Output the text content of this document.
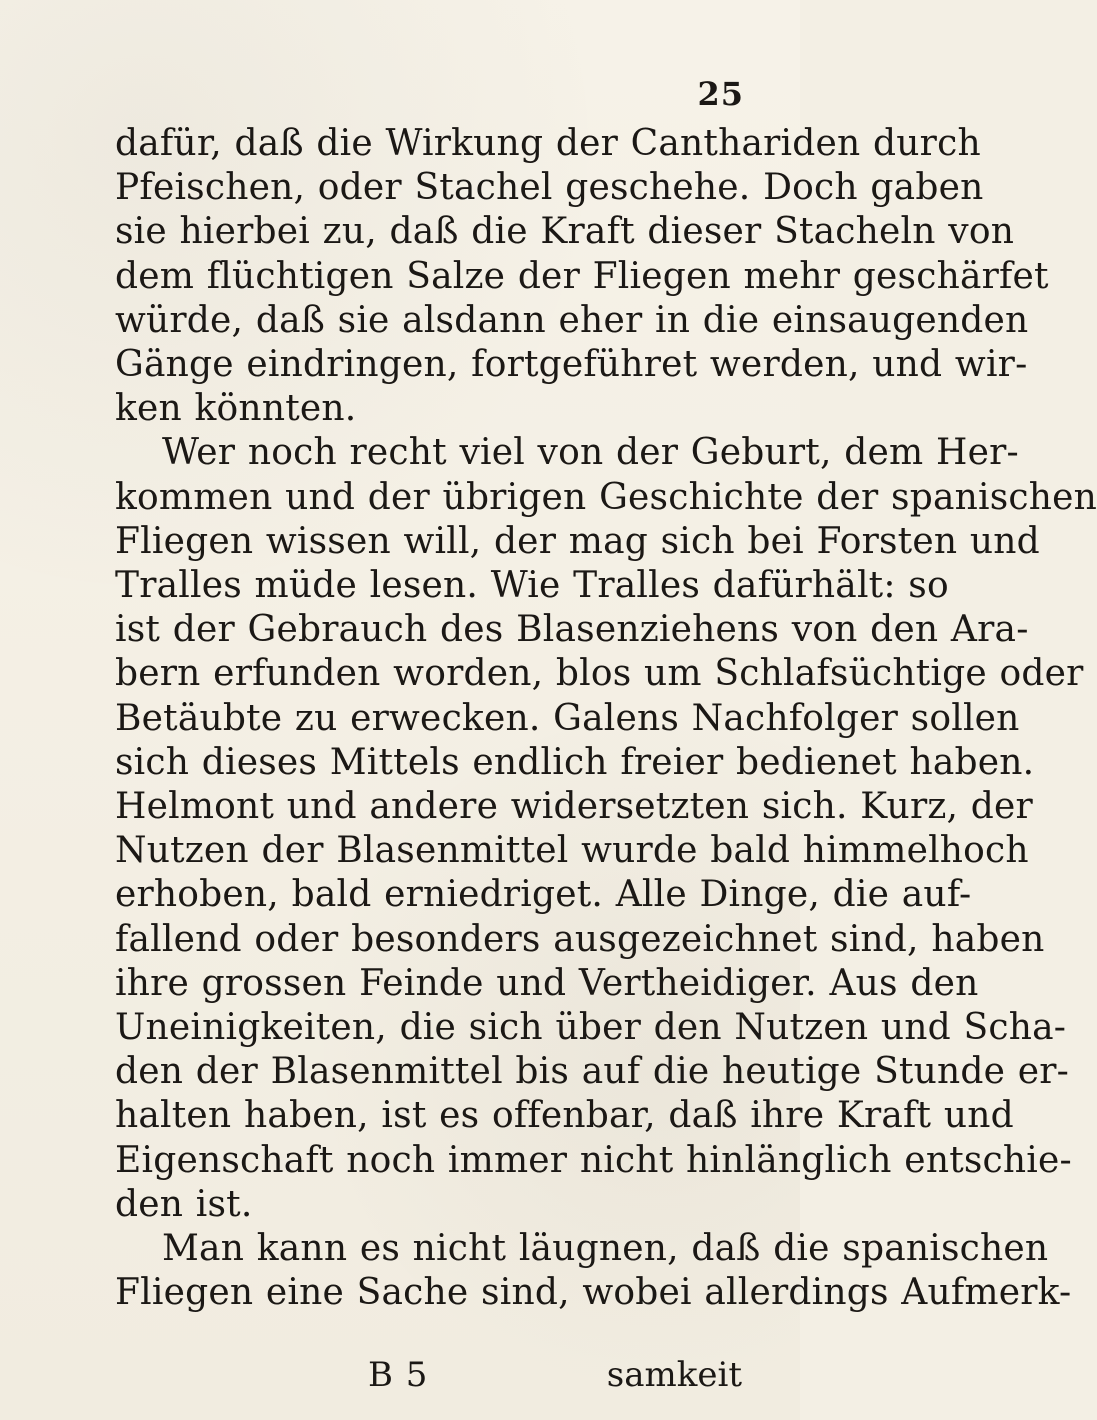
25
dafür, daß die Wirkung der Canthariden durch
Pfeischen, oder Stachel geschehe. Doch gaben
sie hierbei zu, daß die Kraft dieser Stacheln von
dem flüchtigen Salze der Fliegen mehr geschärfet
würde, daß sie alsdann eher in die einsaugenden
Gänge eindringen, fortgeführet werden, und wir-
ken könnten.
Wer noch recht viel von der Geburt, dem Her-
kommen und der übrigen Geschichte der spanischen
Fliegen wissen will, der mag sich bei Forsten und
Tralles müde lesen. Wie Tralles dafürhält: so
ist der Gebrauch des Blasenziehens von den Ara-
bern erfunden worden, blos um Schlafsüchtige oder
Betäubte zu erwecken. Galens Nachfolger sollen
sich dieses Mittels endlich freier bedienet haben.
Helmont und andere widersetzten sich. Kurz, der
Nutzen der Blasenmittel wurde bald himmelhoch
erhoben, bald erniedriget. Alle Dinge, die auf-
fallend oder besonders ausgezeichnet sind, haben
ihre grossen Feinde und Vertheidiger. Aus den
Uneinigkeiten, die sich über den Nutzen und Scha-
den der Blasenmittel bis auf die heutige Stunde er-
halten haben, ist es offenbar, daß ihre Kraft und
Eigenschaft noch immer nicht hinlänglich entschie-
den ist.
Man kann es nicht läugnen, daß die spanischen
Fliegen eine Sache sind, wobei allerdings Aufmerk-
B 5	samkeit
